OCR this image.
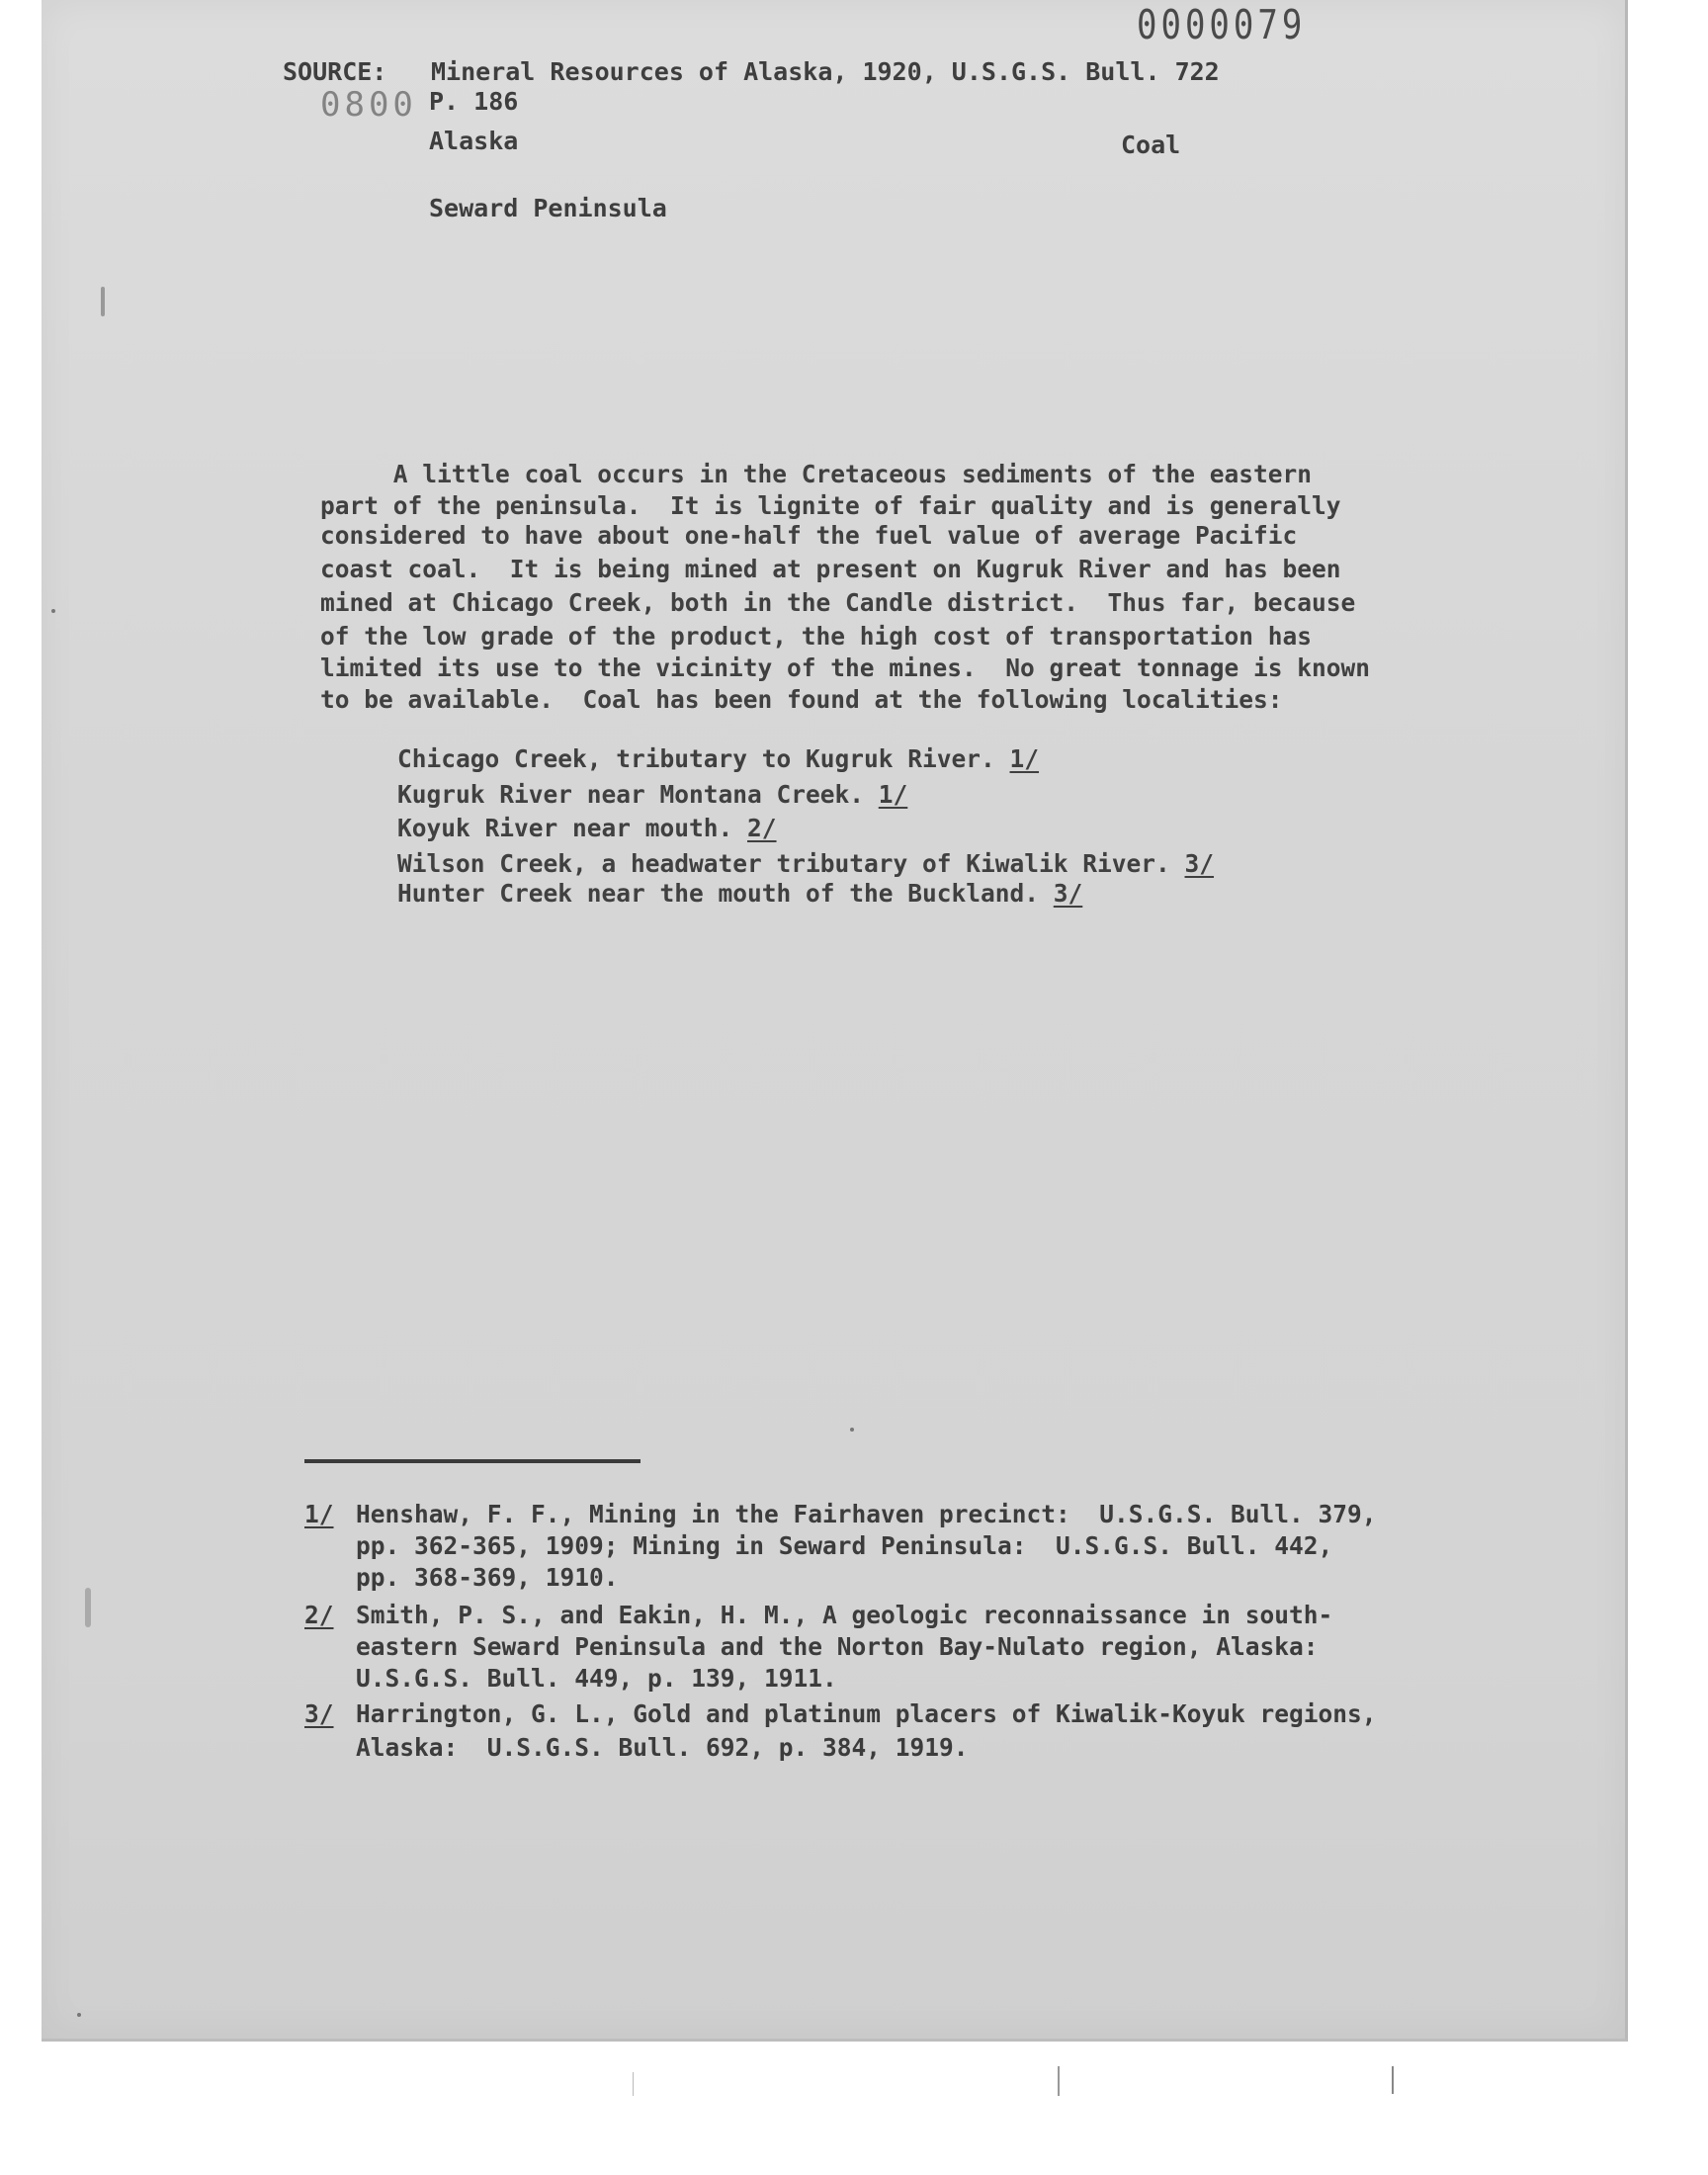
0000079
0800
SOURCE: Mineral Resources of Alaska, 1920, U.S.G.S. Bull. 722
P. 186
Alaska	Coal
Seward Peninsula
A little coal occurs in the Cretaceous sediments of the eastern
part of the peninsula.  It is lignite of fair quality and is generally
considered to have about one-half the fuel value of average Pacific
coast coal.  It is being mined at present on Kugruk River and has been
mined at Chicago Creek, both in the Candle district.  Thus far, because
of the low grade of the product, the high cost of transportation has
limited its use to the vicinity of the mines.  No great tonnage is known
to be available.  Coal has been found at the following localities:
Chicago Creek, tributary to Kugruk River. 1/
Kugruk River near Montana Creek. 1/
Koyuk River near mouth. 2/
Wilson Creek, a headwater tributary of Kiwalik River. 3/
Hunter Creek near the mouth of the Buckland. 3/
1/ Henshaw, F. F., Mining in the Fairhaven precinct:  U.S.G.S. Bull. 379,
pp. 362-365, 1909; Mining in Seward Peninsula:  U.S.G.S. Bull. 442,
pp. 368-369, 1910.
2/ Smith, P. S., and Eakin, H. M., A geologic reconnaissance in south-
eastern Seward Peninsula and the Norton Bay-Nulato region, Alaska:
U.S.G.S. Bull. 449, p. 139, 1911.
3/ Harrington, G. L., Gold and platinum placers of Kiwalik-Koyuk regions,
Alaska:  U.S.G.S. Bull. 692, p. 384, 1919.
